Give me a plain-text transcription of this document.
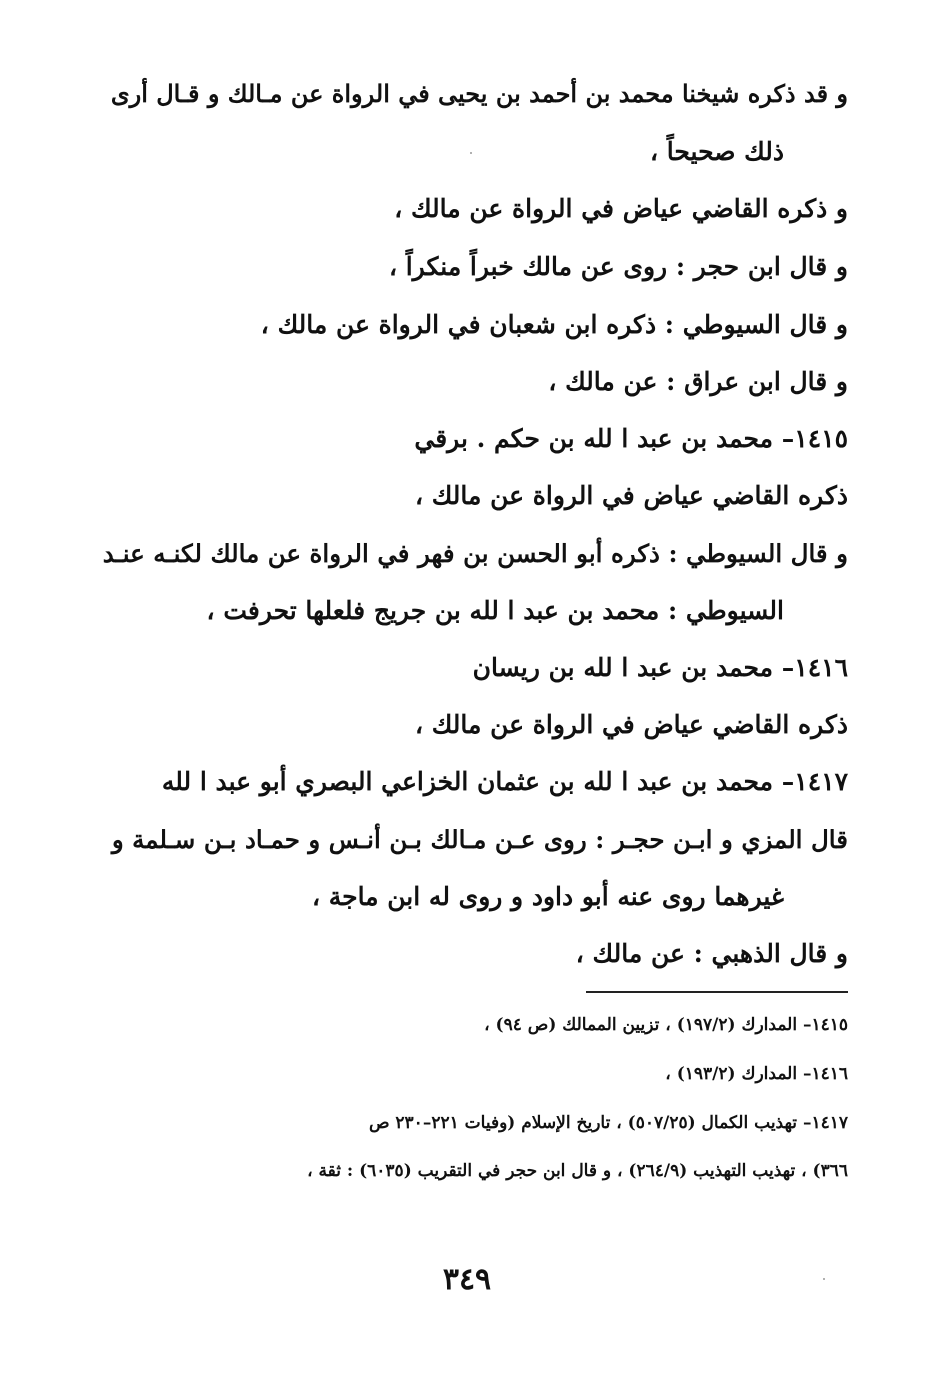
و قد ذكره شيخنا محمد بن أحمد بن يحيى في الرواة عن مـالك و قـال أرى
ذلك صحيحاً ،
و ذكره القاضي عياض في الرواة عن مالك ،
و قال ابن حجر : روى عن مالك خبراً منكراً ،
و قال السيوطي : ذكره ابن شعبان في الرواة عن مالك ،
و قال ابن عراق : عن مالك ،
١٤١٥– محمد بن عبد ا لله بن حكم . برقي
ذكره القاضي عياض في الرواة عن مالك ،
و قال السيوطي : ذكره أبو الحسن بن فهر في الرواة عن مالك لكنـه عنـد
السيوطي : محمد بن عبد ا لله بن جريج فلعلها تحرفت ،
١٤١٦– محمد بن عبد ا لله بن ريسان
ذكره القاضي عياض في الرواة عن مالك ،
١٤١٧– محمد بن عبد ا لله بن عثمان الخزاعي البصري أبو عبد ا لله
قال المزي و ابـن حجـر : روى عـن مـالك بـن أنـس و حمـاد بـن سـلمة و
غيرهما روى عنه أبو داود و روى له ابن ماجة ،
و قال الذهبي : عن مالك ،
١٤١٥– المدارك (١٩٧/٢) ، تزيين الممالك (ص ٩٤) ،
١٤١٦– المدارك (١٩٣/٢) ،
١٤١٧– تهذيب الكمال (٥٠٧/٢٥) ، تاريخ الإسلام (وفيات ٢٢١–٢٣٠ ص
٣٦٦) ، تهذيب التهذيب (٢٦٤/٩) ، و قال ابن حجر في التقريب (٦٠٣٥) : ثقة ،
٣٤٩
